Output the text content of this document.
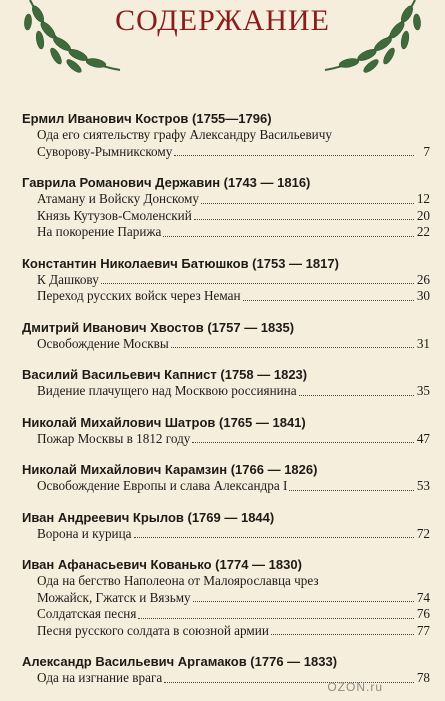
СОДЕРЖАНИЕ
Ермил Иванович Костров (1755—1796)
Ода его сиятельству графу Александру Васильевичу
Суворову-Рымникскому	7
Гаврила Романович Державин (1743 — 1816)
Атаману и Войску Донскому	12
Князь Кутузов-Смоленский	20
На покорение Парижа	22
Константин Николаевич Батюшков (1753 — 1817)
К Дашкову	26
Переход русских войск через Неман	30
Дмитрий Иванович Хвостов (1757 — 1835)
Освобождение Москвы	31
Василий Васильевич Капнист (1758 — 1823)
Видение плачущего над Москвою россиянина	35
Николай Михайлович Шатров (1765 — 1841)
Пожар Москвы в 1812 году	47
Николай Михайлович Карамзин (1766 — 1826)
Освобождение Европы и слава Александра I	53
Иван Андреевич Крылов (1769 — 1844)
Ворона и курица	72
Иван Афанасьевич Кованько (1774 — 1830)
Ода на бегство Наполеона от Малоярославца чрез
Можайск, Гжатск и Вязьму	74
Солдатская песня	76
Песня русского солдата в союзной армии	77
Александр Васильевич Аргамаков (1776 — 1833)
Ода на изгнание врага	78
OZON.ru
